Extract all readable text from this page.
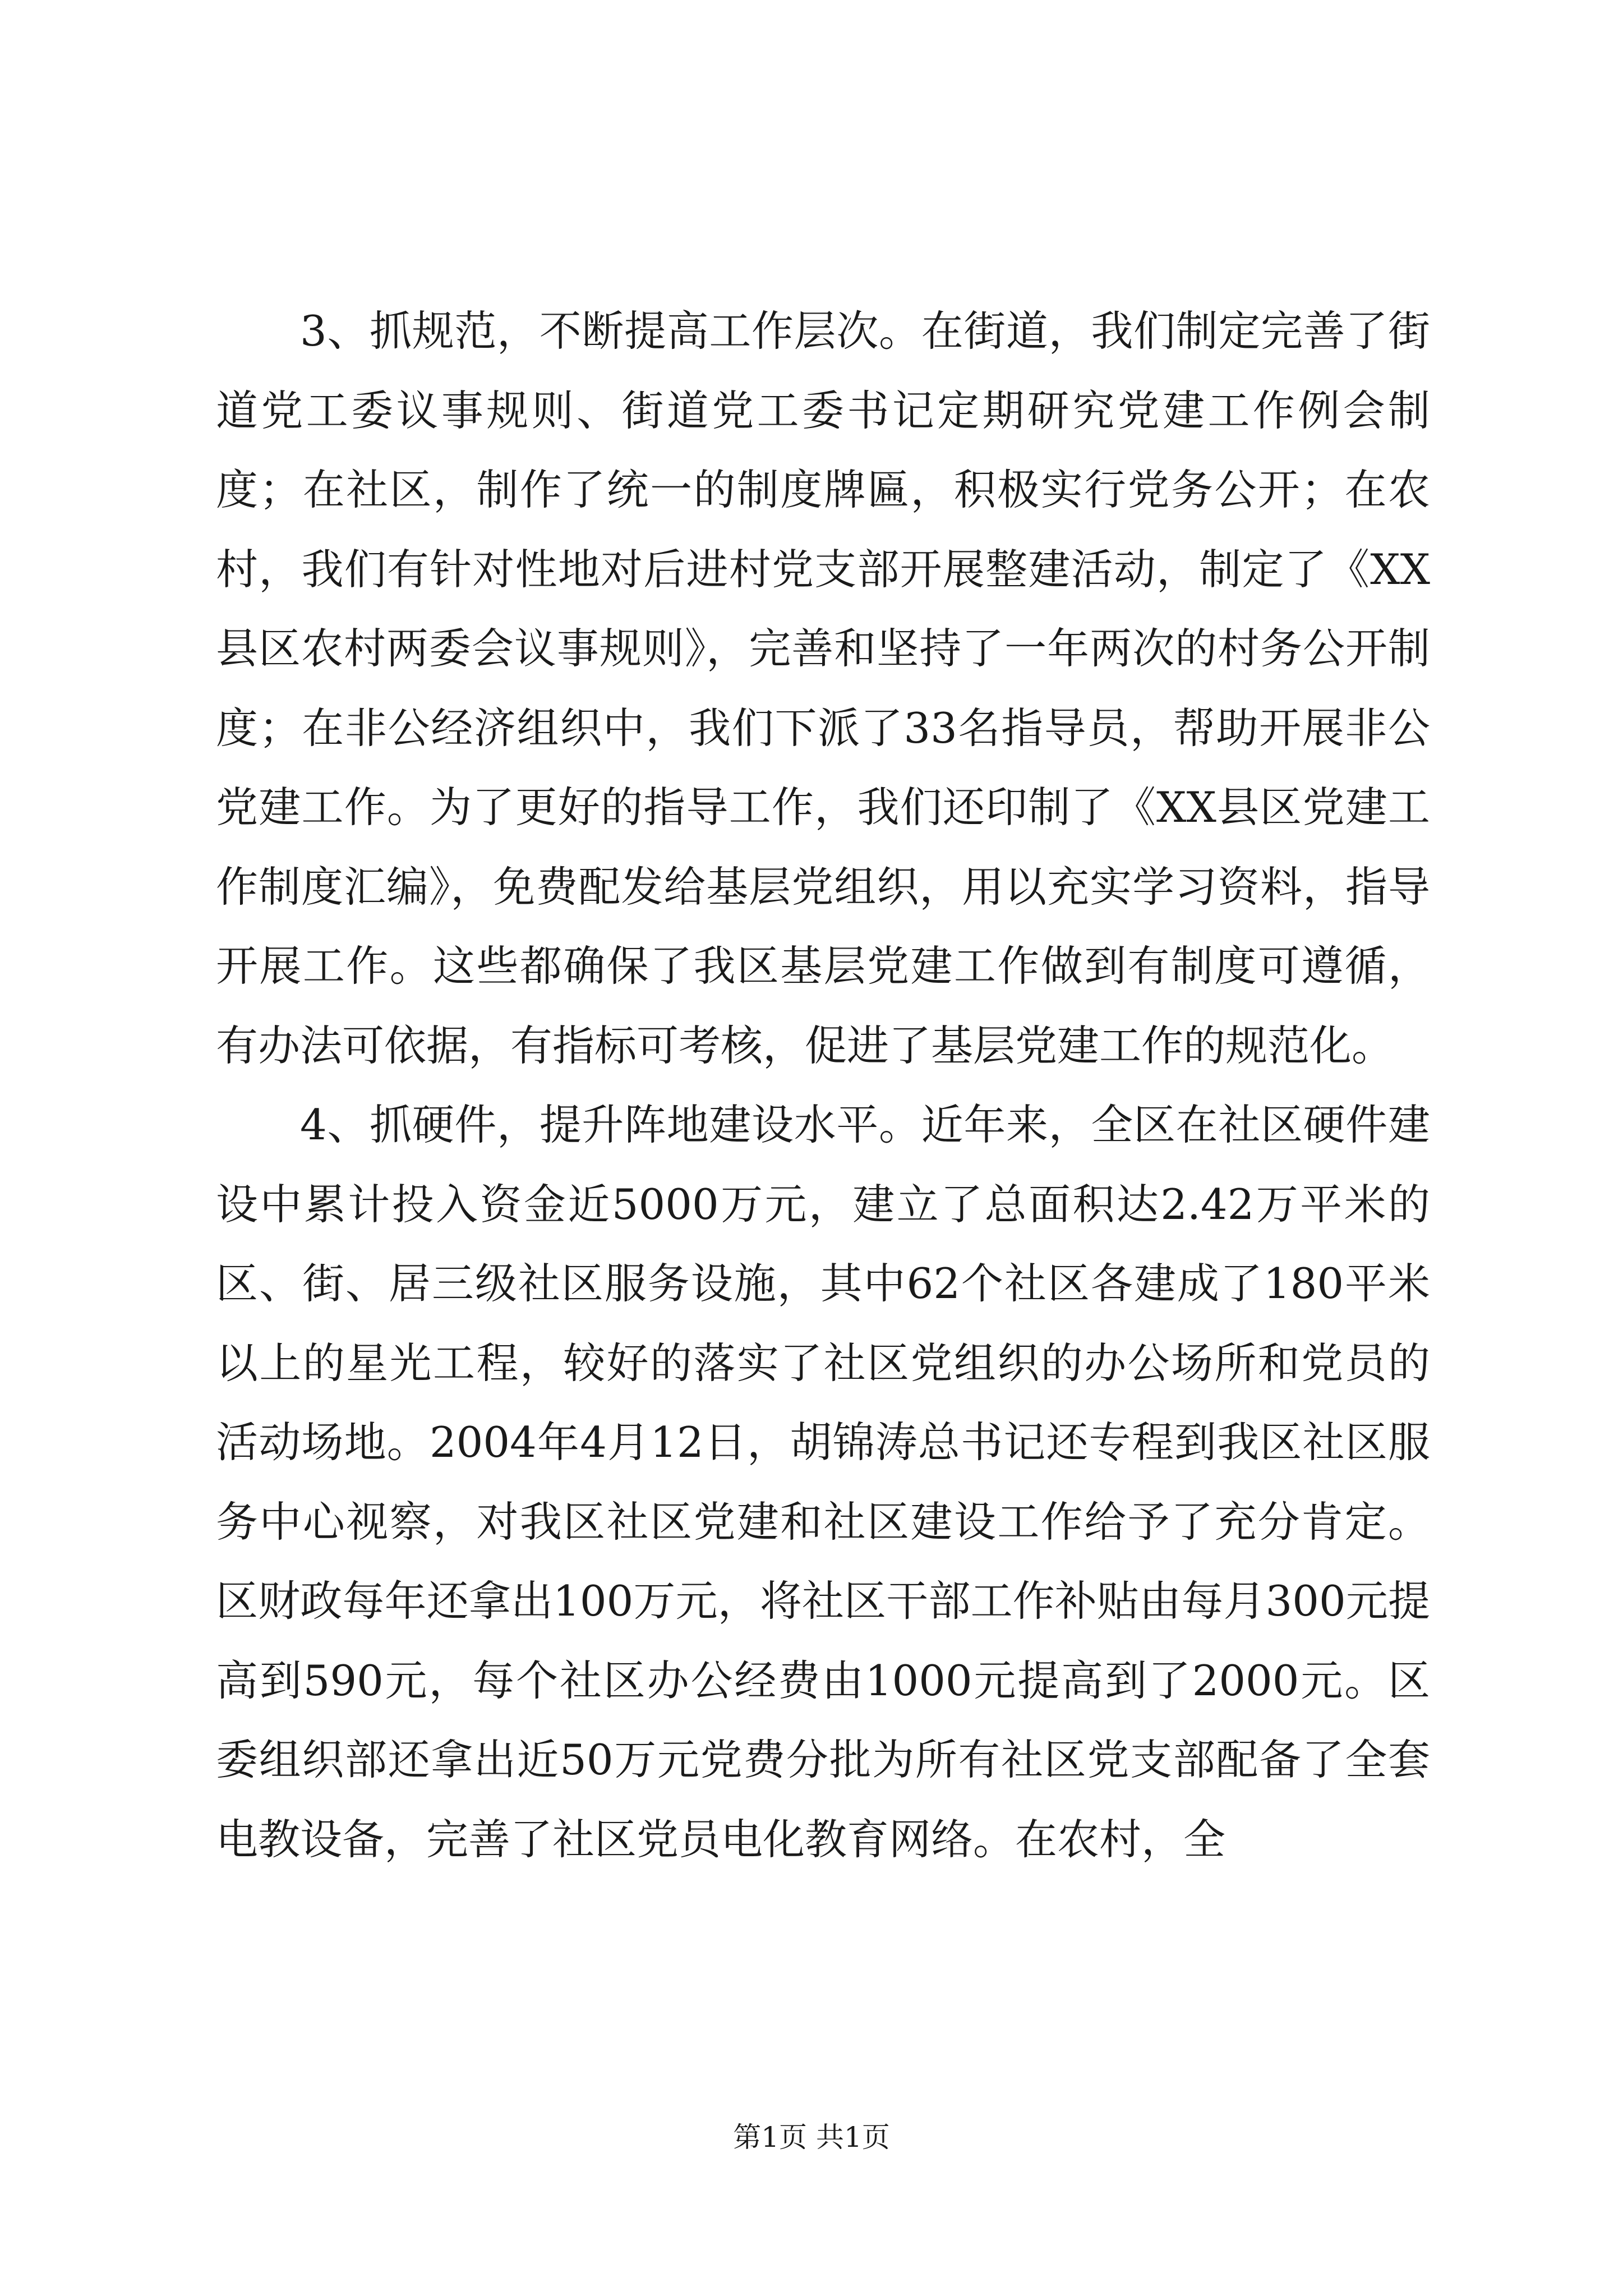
3、抓规范，不断提高工作层次。在街道，我们制定完善了街道党工委议事规则、街道党工委书记定期研究党建工作例会制度；在社区，制作了统一的制度牌匾，积极实行党务公开；在农村，我们有针对性地对后进村党支部开展整建活动，制定了《XX县区农村两委会议事规则》，完善和坚持了一年两次的村务公开制度；在非公经济组织中，我们下派了33名指导员，帮助开展非公党建工作。为了更好的指导工作，我们还印制了《XX县区党建工作制度汇编》，免费配发给基层党组织，用以充实学习资料，指导开展工作。这些都确保了我区基层党建工作做到有制度可遵循，有办法可依据，有指标可考核，促进了基层党建工作的规范化。

4、抓硬件，提升阵地建设水平。近年来，全区在社区硬件建设中累计投入资金近5000万元，建立了总面积达2.42万平米的区、街、居三级社区服务设施，其中62个社区各建成了180平米以上的星光工程，较好的落实了社区党组织的办公场所和党员的活动场地。2004年4月12日，胡锦涛总书记还专程到我区社区服务中心视察，对我区社区党建和社区建设工作给予了充分肯定。区财政每年还拿出100万元，将社区干部工作补贴由每月300元提高到590元，每个社区办公经费由1000元提高到了2000元。区委组织部还拿出近50万元党费分批为所有社区党支部配备了全套电教设备，完善了社区党员电化教育网络。在农村，全

第1页 共1页
